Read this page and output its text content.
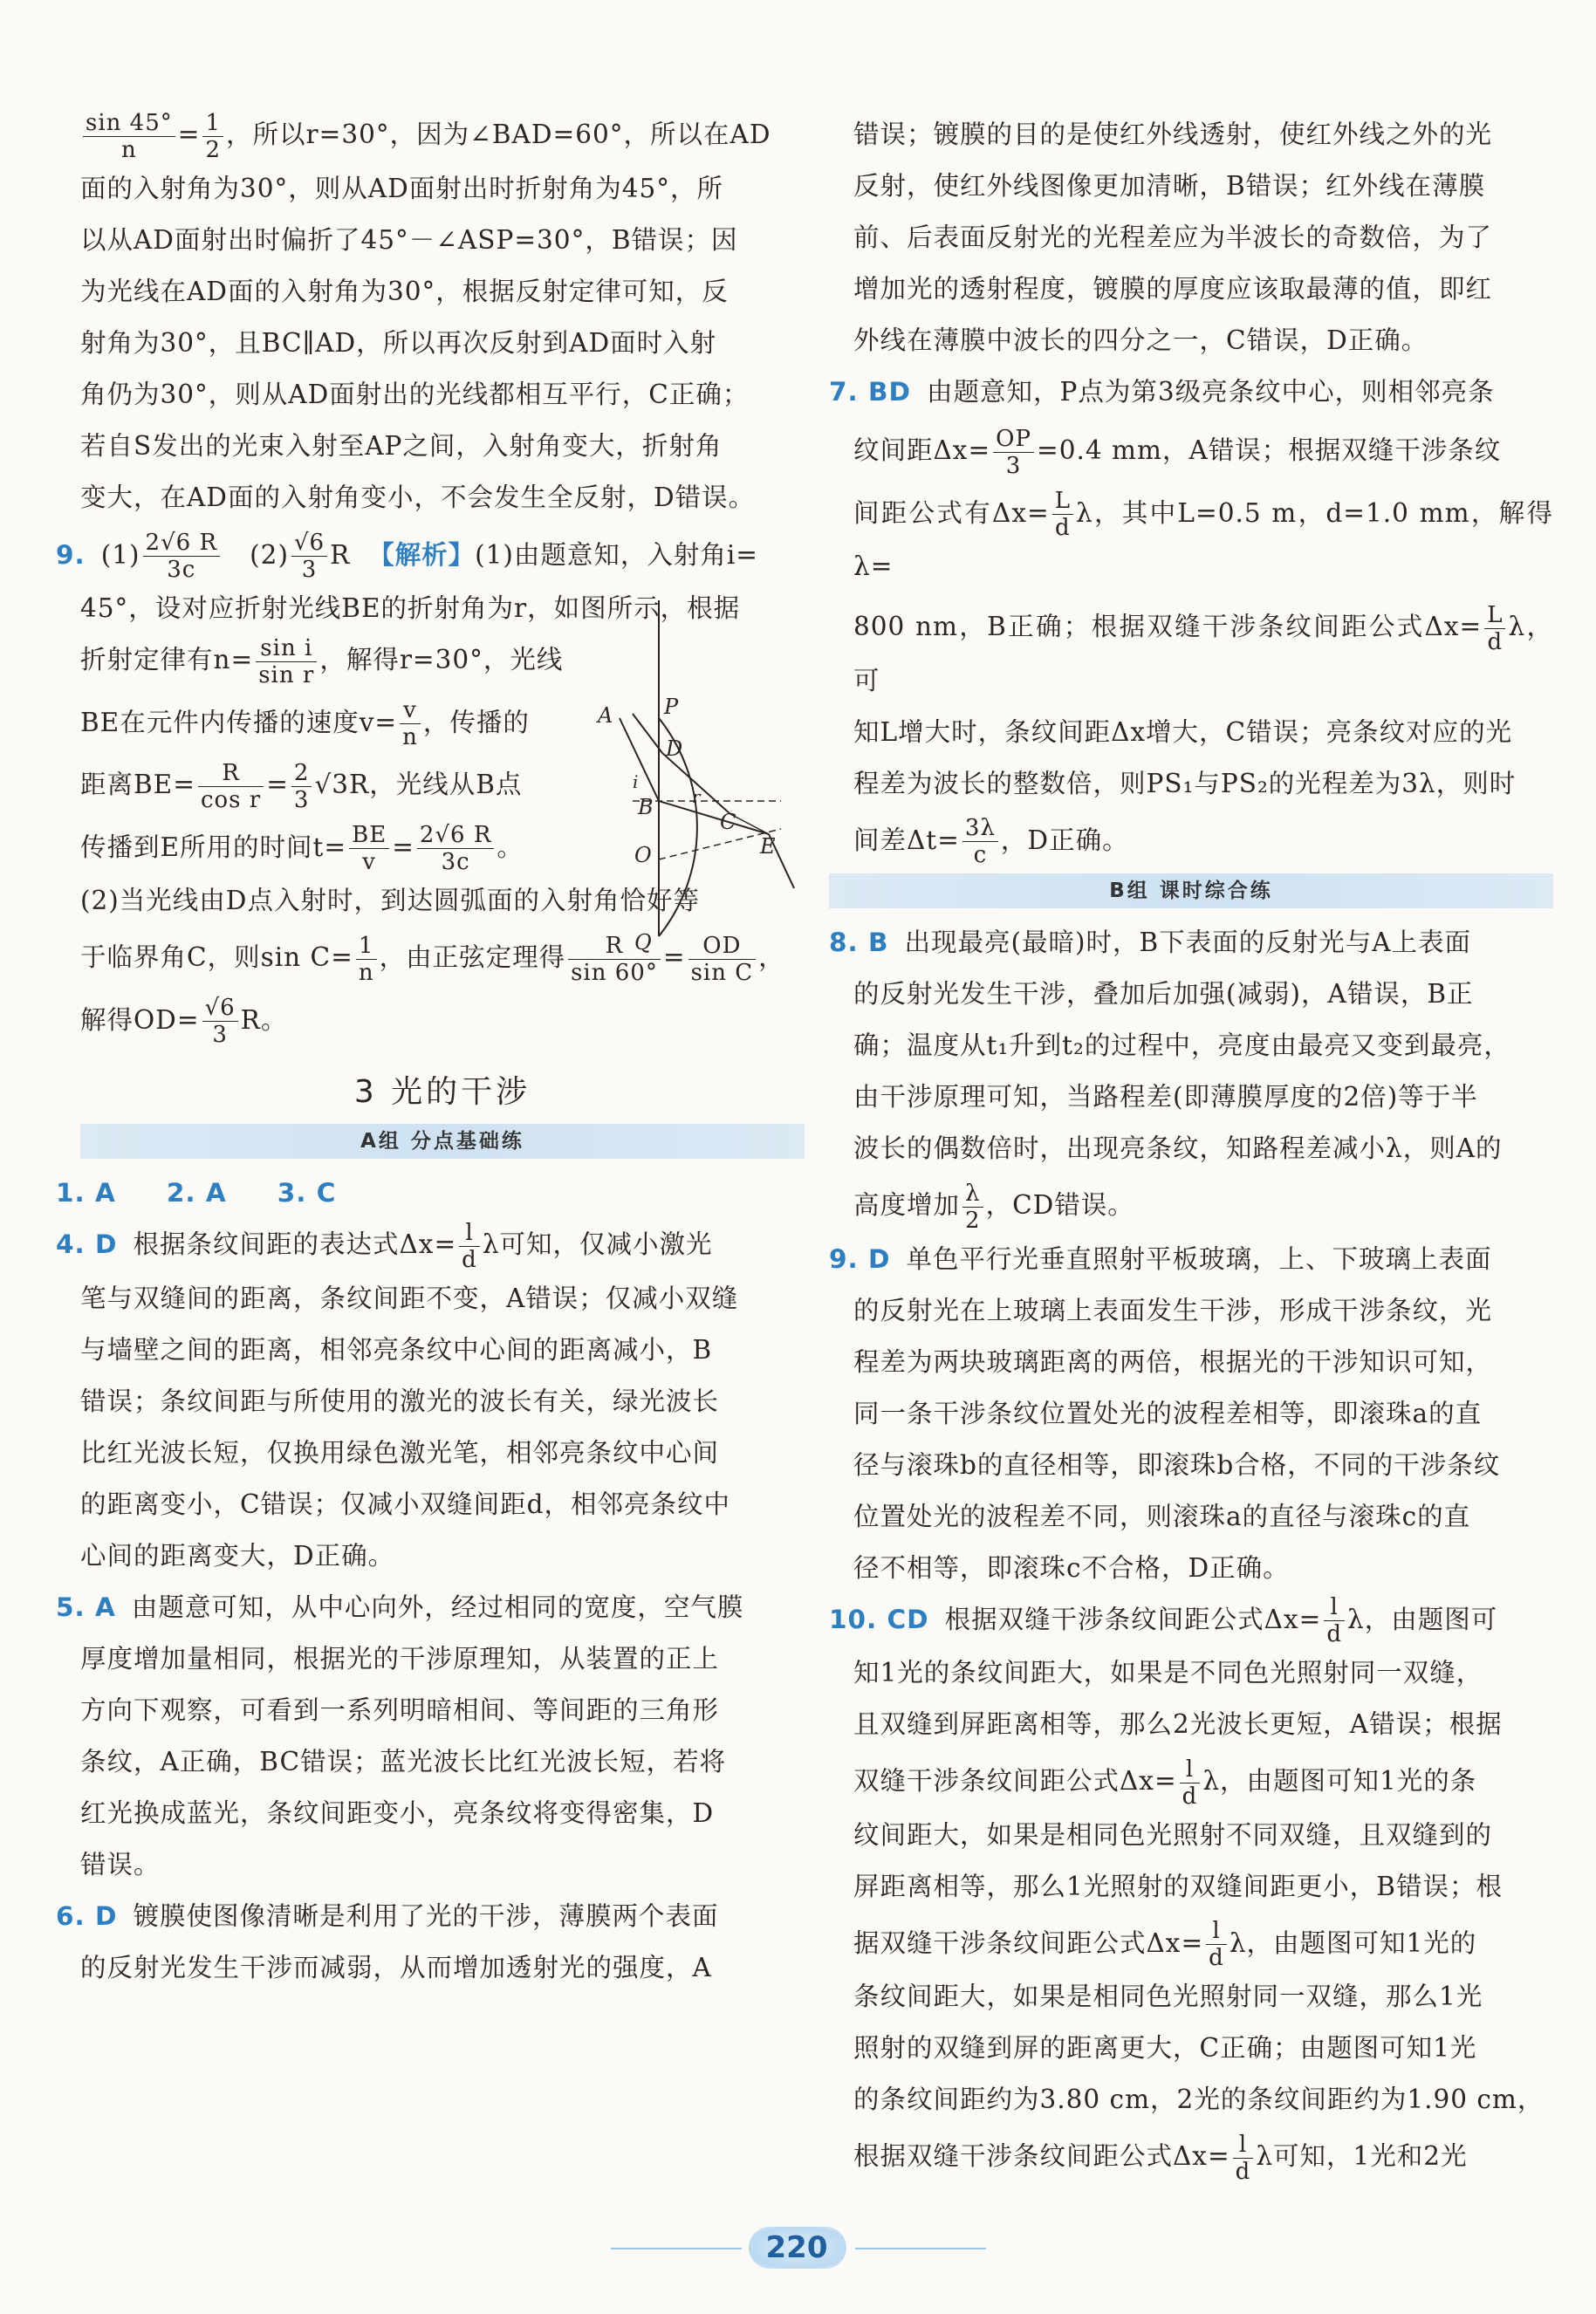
$\frac{\sin 45^\circ}{n} = \frac{1}{2}$ ，所以r=30°，因为∠BAD=60°，所以在AD

面的入射角为30°，则从AD面射出时折射角为45°，所

以从AD面射出时偏折了45°－∠ASP=30°，B错误；因

为光线在AD面的入射角为30°，根据反射定律可知，反

射角为30°，且BC∥AD，所以再次反射到AD面时入射

角仍为30°，则从AD面射出的光线都相互平行，C正确；

若自S发出的光束入射至AP之间，入射角变大，折射角

变大，在AD面的入射角变小，不会发生全反射，D错误。

9. $(1) \frac{2√6 R}{3c} (2) \frac{√6}{3}$ R 【解析】(1)由题意知，入射角i=

45°，设对应折射光线BE的折射角为r，如图所示，根据

折射定律有$n= \frac{\text{sin i}}{\text{sin r}}$ ，解得r=30°，光线

BE在元件内传播的速度$v= \frac{v}{n}$ ，传播的

距离$BE= \frac{R}{\text{cos r}} = \frac{2}{3} √3R$，光线从B点

传播到E所用的时间$t= \frac{BE}{v} = \frac{2√6 R}{3c}$ 。

(2)当光线由D点入射时，到达圆弧面的入射角恰好等

于临界角C，则$\sin C= \frac{1}{n}$ ，由正弦定理得 $\frac{R}{\sin 60^\circ} = \frac{OD}{\text{sin C}}$ ，

解得$OD= \frac{√6}{3}$ R。

3 光的干涉
A组 分点基础练

1. A 2. A 3. C

4. D 根据条纹间距的表达式$\Delta x= \frac{l}{d}$ λ可知，仅减小激光

笔与双缝间的距离，条纹间距不变，A错误；仅减小双缝

与墙壁之间的距离，相邻亮条纹中心间的距离减小，B

错误；条纹间距与所使用的激光的波长有关，绿光波长

比红光波长短，仅换用绿色激光笔，相邻亮条纹中心间

的距离变小，C错误；仅减小双缝间距d，相邻亮条纹中

心间的距离变大，D正确。

5. A 由题意可知，从中心向外，经过相同的宽度，空气膜

厚度增加量相同，根据光的干涉原理知，从装置的正上

方向下观察，可看到一系列明暗相间、等间距的三角形

条纹，A正确，BC错误；蓝光波长比红光波长短，若将

红光换成蓝光，条纹间距变小，亮条纹将变得密集，D

错误。

6. D 镀膜使图像清晰是利用了光的干涉，薄膜两个表面

的反射光发生干涉而减弱，从而增加透射光的强度，A

A P
D
i
B r
C
E
O
Q

错误；镀膜的目的是使红外线透射，使红外线之外的光

反射，使红外线图像更加清晰，B错误；红外线在薄膜

前、后表面反射光的光程差应为半波长的奇数倍，为了

增加光的透射程度，镀膜的厚度应该取最薄的值，即红

外线在薄膜中波长的四分之一，C错误，D正确。

7. BD 由题意知，P点为第3级亮条纹中心，则相邻亮条

纹间距$\Delta x= \frac{OP}{3} =0.4$ mm，A错误；根据双缝干涉条纹

间距公式有$\Delta x= \frac{L}{d}$ λ，其中L=0.5 m，d=1.0 mm，解得λ=

800 nm，B正确；根据双缝干涉条纹间距公式$\Delta x= \frac{L}{d}$ λ，可

知L增大时，条纹间距Δx增大，C错误；亮条纹对应的光

程差为波长的整数倍，则PS₁与PS₂的光程差为3λ，则时

间差$\Delta t= \frac{3\lambda}{c}$ ，D正确。

B组 课时综合练

8. B 出现最亮(最暗)时，B下表面的反射光与A上表面

的反射光发生干涉，叠加后加强(减弱)，A错误，B正

确；温度从t₁升到t₂的过程中，亮度由最亮又变到最亮，

由干涉原理可知，当路程差(即薄膜厚度的2倍)等于半

波长的偶数倍时，出现亮条纹，知路程差减小λ，则A的

高度增加 $\frac{\lambda}{2}$ ，CD错误。

9. D 单色平行光垂直照射平板玻璃，上、下玻璃上表面

的反射光在上玻璃上表面发生干涉，形成干涉条纹，光

程差为两块玻璃距离的两倍，根据光的干涉知识可知，

同一条干涉条纹位置处光的波程差相等，即滚珠a的直

径与滚珠b的直径相等，即滚珠b合格，不同的干涉条纹

位置处光的波程差不同，则滚珠a的直径与滚珠c的直

径不相等，即滚珠c不合格，D正确。

10. CD 根据双缝干涉条纹间距公式$\Delta x= \frac{l}{d}$ λ，由题图可

知1光的条纹间距大，如果是不同色光照射同一双缝，

且双缝到屏距离相等，那么2光波长更短，A错误；根据

双缝干涉条纹间距公式$\Delta x= \frac{l}{d}$ λ，由题图可知1光的条

纹间距大，如果是相同色光照射不同双缝，且双缝到的

屏距离相等，那么1光照射的双缝间距更小，B错误；根

据双缝干涉条纹间距公式$\Delta x= \frac{l}{d}$ λ，由题图可知1光的

条纹间距大，如果是相同色光照射同一双缝，那么1光

照射的双缝到屏的距离更大，C正确；由题图可知1光

的条纹间距约为3.80 cm，2光的条纹间距约为1.90 cm，

根据双缝干涉条纹间距公式$\Delta x= \frac{l}{d}$ λ可知，1光和2光

220
